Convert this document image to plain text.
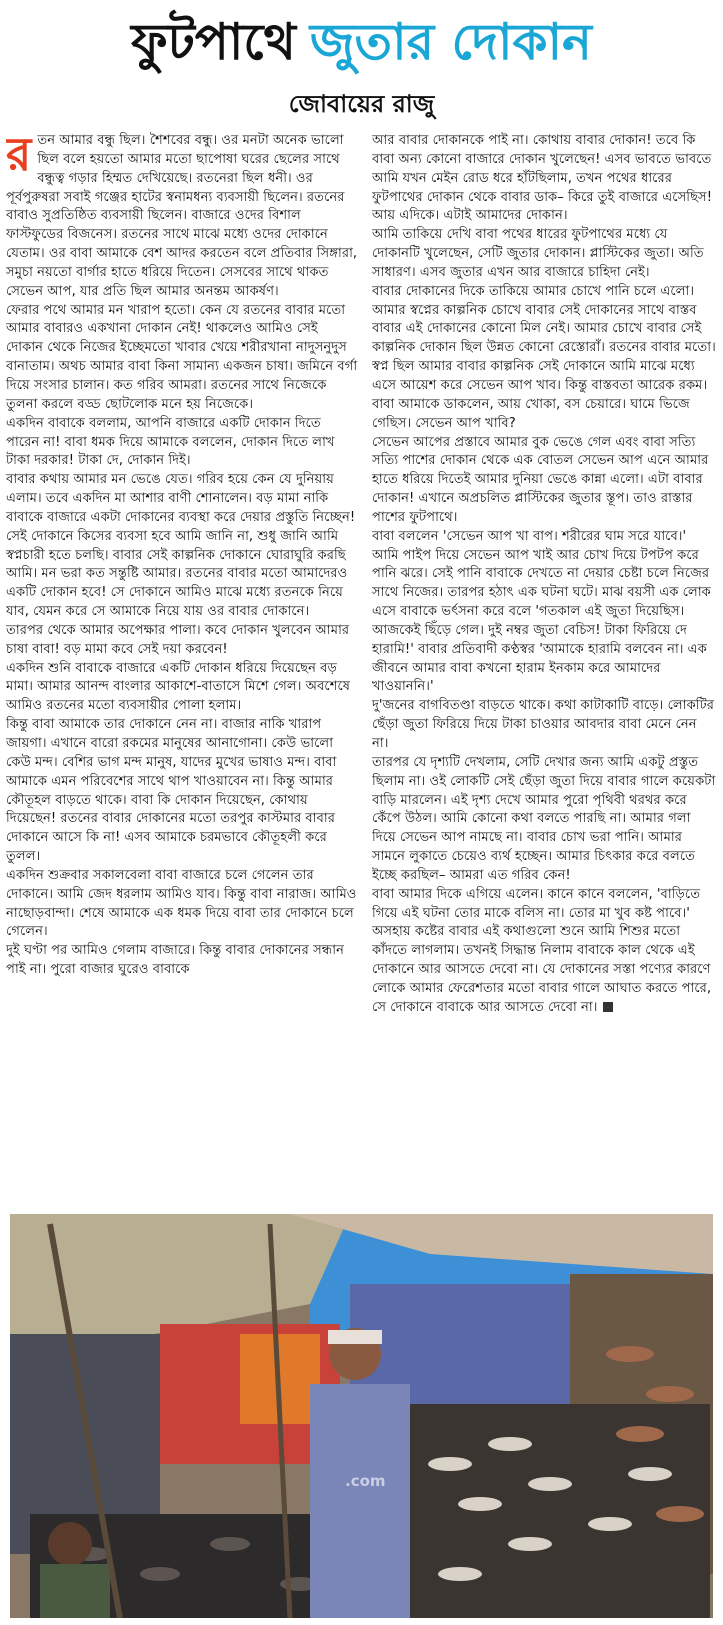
ফুটপাথে জুতার দোকান
জোবায়ের রাজু

রতন আমার বন্ধু ছিল। শৈশবের বন্ধু। ওর মনটা অনেক ভালো ছিল বলে হয়তো আমার মতো ছাপোষা ঘরের ছেলের সাথে বন্ধুত্ব গড়ার হিম্মত দেখিয়েছে। রতনেরা ছিল ধনী। ওর পূর্বপুরুষরা সবাই গঞ্জের হাটের স্বনামধন্য ব্যবসায়ী ছিলেন। রতনের বাবাও সুপ্রতিষ্ঠিত ব্যবসায়ী ছিলেন। বাজারে ওদের বিশাল ফাস্টফুডের বিজনেস। রতনের সাথে মাঝে মধ্যে ওদের দোকানে যেতাম। ওর বাবা আমাকে বেশ আদর করতেন বলে প্রতিবার সিঙ্গারা, সমুচা নয়তো বার্গার হাতে ধরিয়ে দিতেন। সেসবের সাথে থাকত সেভেন আপ, যার প্রতি ছিল আমার অনন্তম আকর্ষণ।

ফেরার পথে আমার মন খারাপ হতো। কেন যে রতনের বাবার মতো আমার বাবারও একখানা দোকান নেই! থাকলেও আমিও সেই দোকান থেকে নিজের ইচ্ছেমতো খাবার খেয়ে শরীরখানা নাদুসনুদুস বানাতাম। অথচ আমার বাবা কিনা সামান্য একজন চাষা। জমিনে বর্গা দিয়ে সংসার চালান। কত গরিব আমরা। রতনের সাথে নিজেকে তুলনা করলে বড্ড ছোটলোক মনে হয় নিজেকে।

একদিন বাবাকে বললাম, আপনি বাজারে একটি দোকান দিতে পারেন না! বাবা ধমক দিয়ে আমাকে বললেন, দোকান দিতে লাখ টাকা দরকার! টাকা দে, দোকান দিই।

বাবার কথায় আমার মন ভেঙে যেত। গরিব হয়ে কেন যে দুনিয়ায় এলাম। তবে একদিন মা আশার বাণী শোনালেন। বড় মামা নাকি বাবাকে বাজারে একটা দোকানের ব্যবস্থা করে দেয়ার প্রস্তুতি নিচ্ছেন!

সেই দোকানে কিসের ব্যবসা হবে আমি জানি না, শুধু জানি আমি স্বপ্নচারী হতে চলছি। বাবার সেই কাল্পনিক দোকানে ঘোরাঘুরি করছি আমি। মন ভরা কত সন্তুষ্টি আমার। রতনের বাবার মতো আমাদেরও একটি দোকান হবে! সে দোকানে আমিও মাঝে মধ্যে রতনকে নিয়ে যাব, যেমন করে সে আমাকে নিয়ে যায় ওর বাবার দোকানে।

তারপর থেকে আমার অপেক্ষার পালা। কবে দোকান খুলবেন আমার চাষা বাবা! বড় মামা কবে সেই দয়া করবেন!

একদিন শুনি বাবাকে বাজারে একটি দোকান ধরিয়ে দিয়েছেন বড় মামা। আমার আনন্দ বাংলার আকাশে-বাতাসে মিশে গেল। অবশেষে আমিও রতনের মতো ব্যবসায়ীর পোলা হলাম।

কিন্তু বাবা আমাকে তার দোকানে নেন না। বাজার নাকি খারাপ জায়গা। এখানে বারো রকমের মানুষের আনাগোনা। কেউ ভালো কেউ মন্দ। বেশির ভাগ মন্দ মানুষ, যাদের মুখের ভাষাও মন্দ। বাবা আমাকে এমন পরিবেশের সাথে থাপ খাওয়াবেন না। কিন্তু আমার কৌতূহল বাড়তে থাকে। বাবা কি দোকান দিয়েছেন, কোথায় দিয়েছেন! রতনের বাবার দোকানের মতো তরপুর কাস্টমার বাবার দোকানে আসে কি না! এসব আমাকে চরমভাবে কৌতূহলী করে তুলল।

একদিন শুক্রবার সকালবেলা বাবা বাজারে চলে গেলেন তার দোকানে। আমি জেদ ধরলাম আমিও যাব। কিন্তু বাবা নারাজ। আমিও নাছোড়বান্দা। শেষে আমাকে এক ধমক দিয়ে বাবা তার দোকানে চলে গেলেন।

দুই ঘণ্টা পর আমিও গেলাম বাজারে। কিন্তু বাবার দোকানের সন্ধান পাই না। পুরো বাজার ঘুরেও বাবাকে

আর বাবার দোকানকে পাই না। কোথায় বাবার দোকান! তবে কি বাবা অন্য কোনো বাজারে দোকান খুলেছেন! এসব ভাবতে ভাবতে আমি যখন মেইন রোড ধরে হাঁটছিলাম, তখন পথের ধারের ফুটপাথের দোকান থেকে বাবার ডাক– কিরে তুই বাজারে এসেছিস! আয় এদিকে। এটাই আমাদের দোকান।

আমি তাকিয়ে দেখি বাবা পথের ধারের ফুটপাথের মধ্যে যে দোকানটি খুলেছেন, সেটি জুতার দোকান। প্লাস্টিকের জুতা। অতি সাধারণ। এসব জুতার এখন আর বাজারে চাহিদা নেই।

বাবার দোকানের দিকে তাকিয়ে আমার চোখে পানি চলে এলো। আমার স্বপ্নের কাল্পনিক চোখে বাবার সেই দোকানের সাথে বাস্তব বাবার এই দোকানের কোনো মিল নেই। আমার চোখে বাবার সেই কাল্পনিক দোকান ছিল উন্নত কোনো রেস্তোরাঁ। রতনের বাবার মতো। স্বপ্ন ছিল আমার বাবার কাল্পনিক সেই দোকানে আমি মাঝে মধ্যে এসে আয়েশ করে সেভেন আপ খাব। কিন্তু বাস্তবতা আরেক রকম। বাবা আমাকে ডাকলেন, আয় খোকা, বস চেয়ারে। ঘামে ভিজে গেছিস। সেভেন আপ খাবি?

সেভেন আপের প্রস্তাবে আমার বুক ভেঙে গেল এবং বাবা সত্যি সত্যি পাশের দোকান থেকে এক বোতল সেভেন আপ এনে আমার হাতে ধরিয়ে দিতেই আমার দুনিয়া ভেঙে কান্না এলো। এটা বাবার দোকান! এখানে অপ্রচলিত প্লাস্টিকের জুতার স্তূপ। তাও রাস্তার পাশের ফুটপাথে।

বাবা বললেন 'সেভেন আপ খা বাপ। শরীরের ঘাম সরে যাবে।' আমি পাইপ দিয়ে সেভেন আপ খাই আর চোখ দিয়ে টপটপ করে পানি ঝরে। সেই পানি বাবাকে দেখতে না দেয়ার চেষ্টা চলে নিজের সাথে নিজের। তারপর হঠাৎ এক ঘটনা ঘটে। মাঝ বয়সী এক লোক এসে বাবাকে ভর্ৎসনা করে বলে 'গতকাল এই জুতা দিয়েছিস। আজকেই ছিঁড়ে গেল। দুই নম্বর জুতা বেচিস! টাকা ফিরিয়ে দে হারামি!' বাবার প্রতিবাদী কণ্ঠস্বর 'আমাকে হারামি বলবেন না। এক জীবনে আমার বাবা কখনো হারাম ইনকাম করে আমাদের খাওয়াননি।'

দু'জনের বাগবিতণ্ডা বাড়তে থাকে। কথা কাটাকাটি বাড়ে। লোকটির ছেঁড়া জুতা ফিরিয়ে দিয়ে টাকা চাওয়ার আবদার বাবা মেনে নেন না।

তারপর যে দৃশ্যটি দেখলাম, সেটি দেখার জন্য আমি একটু প্রস্তুত ছিলাম না। ওই লোকটি সেই ছেঁড়া জুতা দিয়ে বাবার গালে কয়েকটা বাড়ি মারলেন। এই দৃশ্য দেখে আমার পুরো পৃথিবী থরথর করে কেঁপে উঠল। আমি কোনো কথা বলতে পারছি না। আমার গলা দিয়ে সেভেন আপ নামছে না। বাবার চোখ ভরা পানি। আমার সামনে লুকাতে চেয়েও ব্যর্থ হচ্ছেন। আমার চিৎকার করে বলতে ইচ্ছে করছিল– আমরা এত গরিব কেন!

বাবা আমার দিকে এগিয়ে এলেন। কানে কানে বললেন, 'বাড়িতে গিয়ে এই ঘটনা তোর মাকে বলিস না। তোর মা খুব কষ্ট পাবে।'

অসহায় কষ্টের বাবার এই কথাগুলো শুনে আমি শিশুর মতো কাঁদতে লাগলাম। তখনই সিদ্ধান্ত নিলাম বাবাকে কাল থেকে এই দোকানে আর আসতে দেবো না। যে দোকানের সস্তা পণ্যের কারণে লোকে আমার ফেরেশতার মতো বাবার গালে আঘাত করতে পারে, সে দোকানে বাবাকে আর আসতে দেবো না।

.com
